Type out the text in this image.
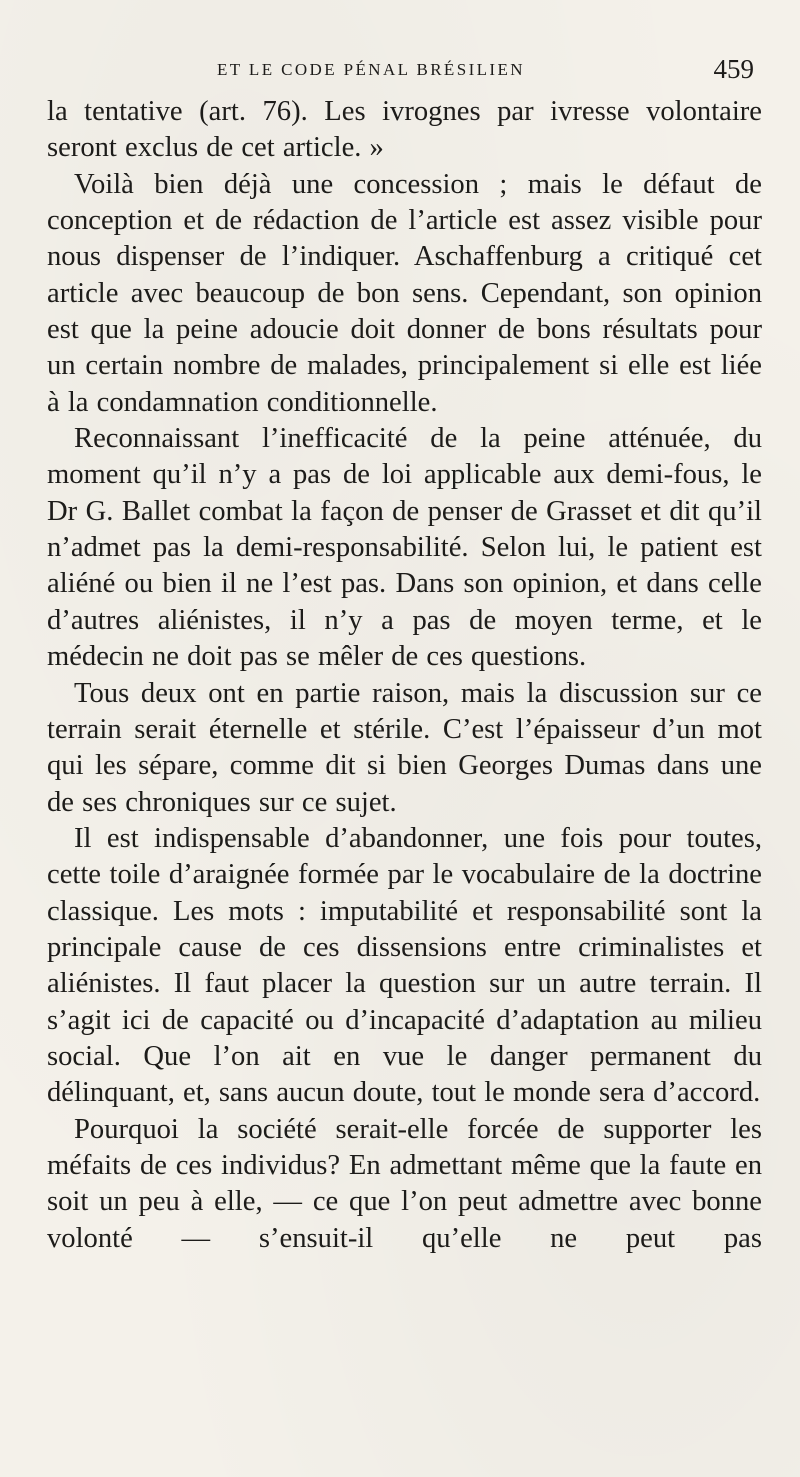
ET LE CODE PÉNAL BRÉSILIEN	459

la tentative (art. 76). Les ivrognes par ivresse volontaire seront exclus de cet article. »

Voilà bien déjà une concession ; mais le défaut de conception et de rédaction de l’article est assez visible pour nous dispenser de l’indiquer. Aschaffenburg a critiqué cet article avec beaucoup de bon sens. Cependant, son opinion est que la peine adoucie doit donner de bons résultats pour un certain nombre de malades, principalement si elle est liée à la condamnation conditionnelle.

Reconnaissant l’inefficacité de la peine atténuée, du moment qu’il n’y a pas de loi applicable aux demi-fous, le Dr G. Ballet combat la façon de penser de Grasset et dit qu’il n’admet pas la demi-responsabilité. Selon lui, le patient est aliéné ou bien il ne l’est pas. Dans son opinion, et dans celle d’autres aliénistes, il n’y a pas de moyen terme, et le médecin ne doit pas se mêler de ces questions.

Tous deux ont en partie raison, mais la discussion sur ce terrain serait éternelle et stérile. C’est l’épaisseur d’un mot qui les sépare, comme dit si bien Georges Dumas dans une de ses chroniques sur ce sujet.

Il est indispensable d’abandonner, une fois pour toutes, cette toile d’araignée formée par le vocabulaire de la doctrine classique. Les mots : imputabilité et responsabilité sont la principale cause de ces dissensions entre criminalistes et aliénistes. Il faut placer la question sur un autre terrain. Il s’agit ici de capacité ou d’incapacité d’adaptation au milieu social. Que l’on ait en vue le danger permanent du délinquant, et, sans aucun doute, tout le monde sera d’accord.

Pourquoi la société serait-elle forcée de supporter les méfaits de ces individus? En admettant même que la faute en soit un peu à elle, — ce que l’on peut admettre avec bonne volonté — s’ensuit-il qu’elle ne peut pas
